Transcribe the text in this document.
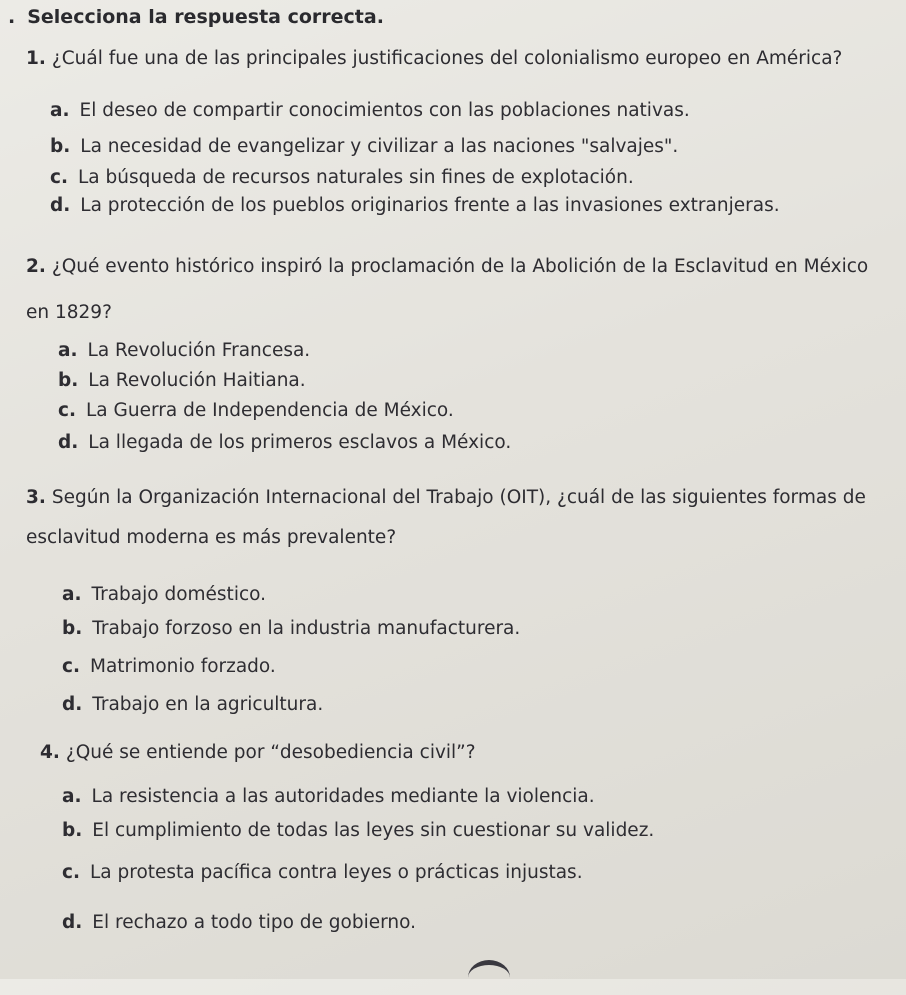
. Selecciona la respuesta correcta.

1. ¿Cuál fue una de las principales justificaciones del colonialismo europeo en América?

a. El deseo de compartir conocimientos con las poblaciones nativas.

b. La necesidad de evangelizar y civilizar a las naciones "salvajes".

c. La búsqueda de recursos naturales sin fines de explotación.

d. La protección de los pueblos originarios frente a las invasiones extranjeras.

2. ¿Qué evento histórico inspiró la proclamación de la Abolición de la Esclavitud en México en 1829?

a. La Revolución Francesa.

b. La Revolución Haitiana.

c. La Guerra de Independencia de México.

d. La llegada de los primeros esclavos a México.

3. Según la Organización Internacional del Trabajo (OIT), ¿cuál de las siguientes formas de esclavitud moderna es más prevalente?

a. Trabajo doméstico.

b. Trabajo forzoso en la industria manufacturera.

c. Matrimonio forzado.

d. Trabajo en la agricultura.

4. ¿Qué se entiende por “desobediencia civil”?

a. La resistencia a las autoridades mediante la violencia.

b. El cumplimiento de todas las leyes sin cuestionar su validez.

c. La protesta pacífica contra leyes o prácticas injustas.

d. El rechazo a todo tipo de gobierno.
